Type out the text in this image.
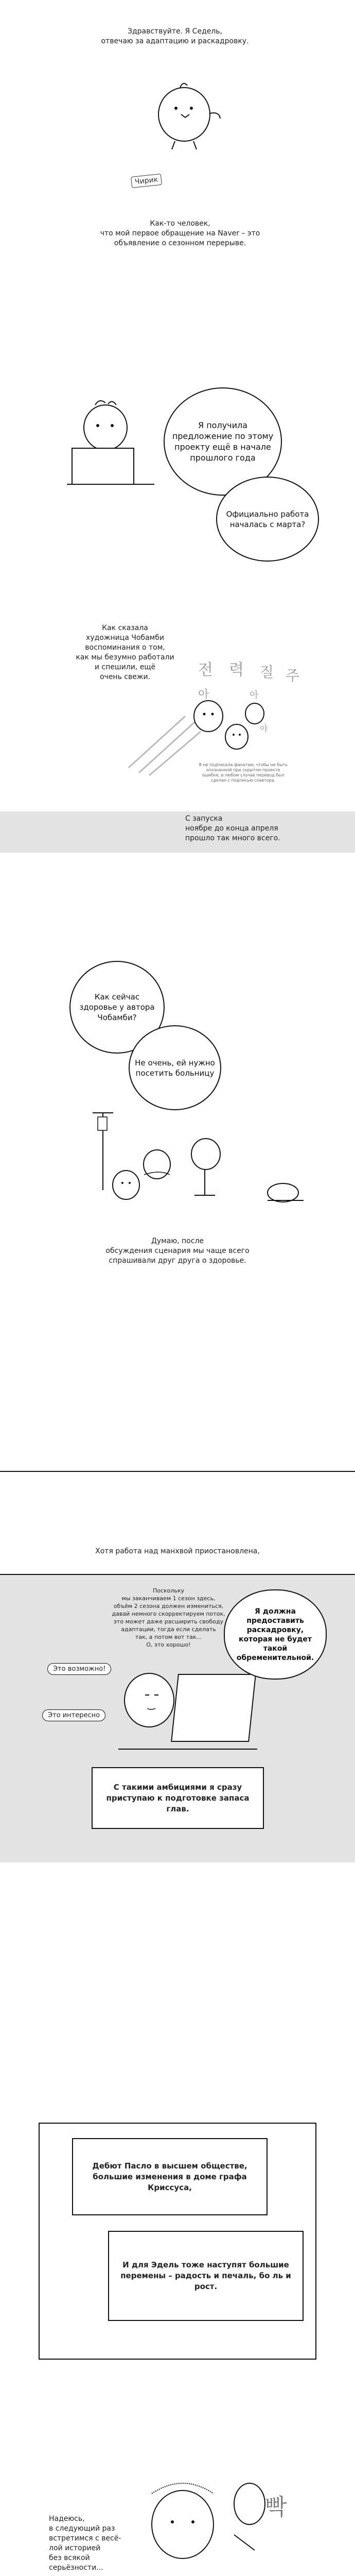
Здравствуйте. Я Седель,
отвечаю за адаптацию и раскадровку.
Чирик
Как-то человек,
что мой первое обращение на Naver – это
объявление о сезонном перерыве.
Я получила предложение по этому проекту ещё в начале прошлого года
Официально работа началась с марта?
Как сказала
художница Чобамби
воспоминания о том,
как мы безумно работали
и спешили, ещё
очень свежи.	전 력 질 주
아	아
야
Я не подписала фанатам, чтобы не быть опознанной при скрытом проекте ошибке, в любом случае перевод был сделан с подписью соавтора.
С запуска
ноябре до конца апреля
прошло так много всего.
Как сейчас здоровье у автора Чобамби?
Не очень, ей нужно посетить больницу
Думаю, после
обсуждения сценария мы чаще всего
спрашивали друг друга о здоровье.
Хотя работа над манхвой приостановлена,
Поскольку
мы заканчиваем 1 сезон здесь,
объём 2 сезона должен измениться,
давай немного скорректируем поток,
это может даже расширить свободу
адаптации, тогда если сделать
так, а потом вот так...
О, это хорошо!
Это возможно!
Это интересно
Я должна предоставить раскадровку, которая не будет такой обременительной.
С такими амбициями я сразу приступаю к подготовке запаса глав.
Дебют Пасло в высшем обществе, большие изменения в доме графа Криссуса,
И для Эдель тоже наступят большие перемены – радость и печаль, бо ль и рост.
Надеюсь,
в следующий раз
встретимся с весё-
лой историей
без всякой
серьёзности...
빡
